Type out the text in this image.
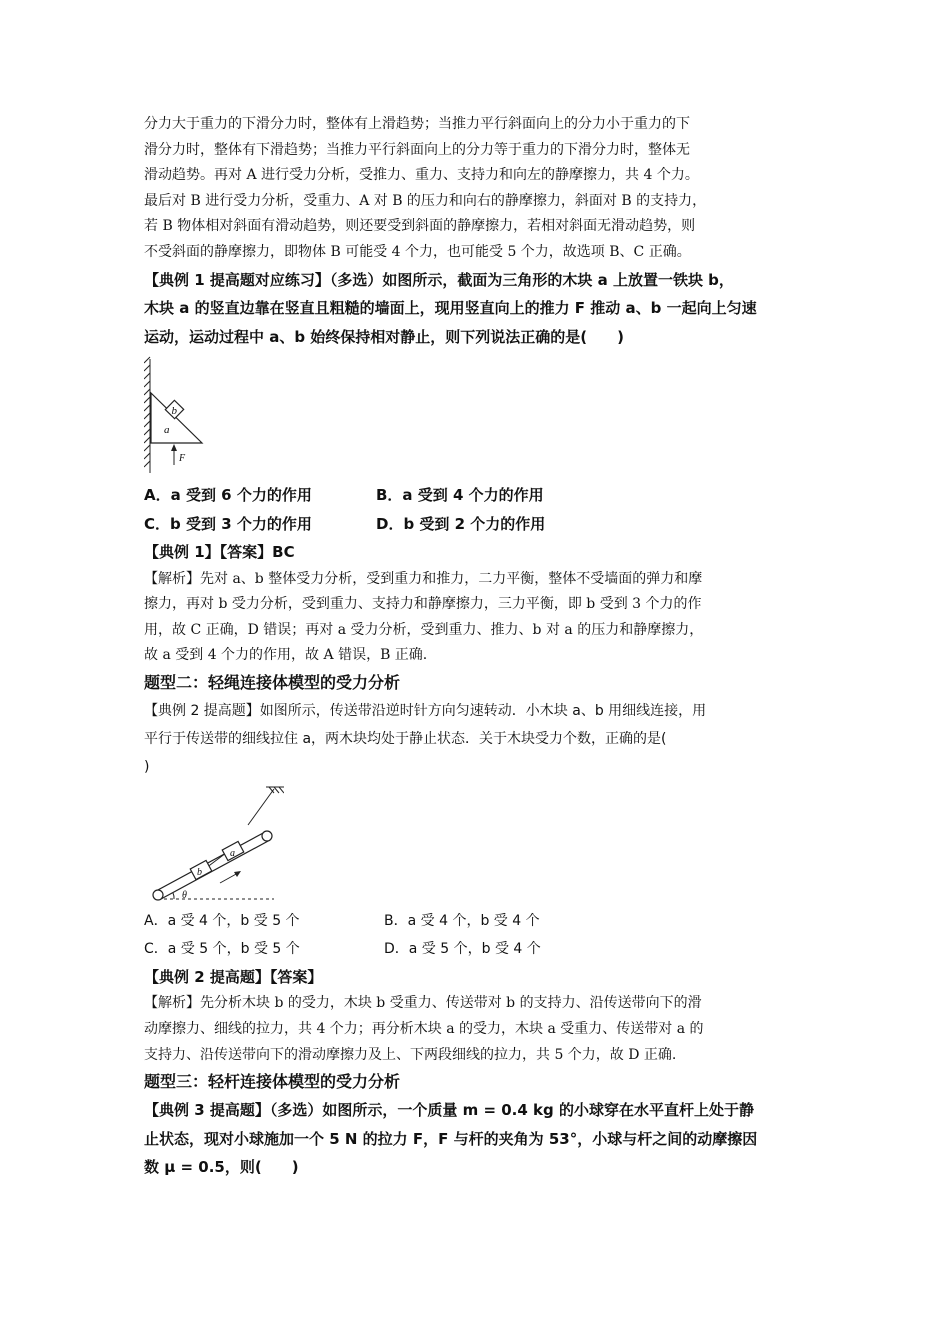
分力大于重力的下滑分力时，整体有上滑趋势；当推力平行斜面向上的分力小于重力的下

滑分力时，整体有下滑趋势；当推力平行斜面向上的分力等于重力的下滑分力时，整体无

滑动趋势。再对 A 进行受力分析，受推力、重力、支持力和向左的静摩擦力，共 4 个力。

最后对 B 进行受力分析，受重力、A 对 B 的压力和向右的静摩擦力，斜面对 B 的支持力，

若 B 物体相对斜面有滑动趋势，则还要受到斜面的静摩擦力，若相对斜面无滑动趋势，则

不受斜面的静摩擦力，即物体 B 可能受 4 个力，也可能受 5 个力，故选项 B、C 正确。

【典例 1 提高题对应练习】（多选）如图所示，截面为三角形的木块 a 上放置一铁块 b，

木块 a 的竖直边靠在竖直且粗糙的墙面上，现用竖直向上的推力 F 推动 a、b 一起向上匀速

运动，运动过程中 a、b 始终保持相对静止，则下列说法正确的是(　　)

b
a
F

A．a 受到 6 个力的作用	B．a 受到 4 个力的作用

C．b 受到 3 个力的作用	D．b 受到 2 个力的作用

【典例 1】【答案】BC

【解析】先对 a、b 整体受力分析，受到重力和推力，二力平衡，整体不受墙面的弹力和摩

擦力，再对 b 受力分析，受到重力、支持力和静摩擦力，三力平衡，即 b 受到 3 个力的作

用，故 C 正确，D 错误；再对 a 受力分析，受到重力、推力、b 对 a 的压力和静摩擦力，

故 a 受到 4 个力的作用，故 A 错误，B 正确.

题型二：轻绳连接体模型的受力分析

【典例 2 提高题】如图所示，传送带沿逆时针方向匀速转动．小木块 a、b 用细线连接，用

平行于传送带的细线拉住 a，两木块均处于静止状态．关于木块受力个数，正确的是(

)

b
a
θ

A．a 受 4 个，b 受 5 个	B．a 受 4 个，b 受 4 个

C．a 受 5 个，b 受 5 个	D．a 受 5 个，b 受 4 个

【典例 2 提高题】【答案】

【解析】先分析木块 b 的受力，木块 b 受重力、传送带对 b 的支持力、沿传送带向下的滑

动摩擦力、细线的拉力，共 4 个力；再分析木块 a 的受力，木块 a 受重力、传送带对 a 的

支持力、沿传送带向下的滑动摩擦力及上、下两段细线的拉力，共 5 个力，故 D 正确.

题型三：轻杆连接体模型的受力分析

【典例 3 提高题】（多选）如图所示，一个质量 m = 0.4 kg 的小球穿在水平直杆上处于静

止状态，现对小球施加一个 5 N 的拉力 F，F 与杆的夹角为 53°，小球与杆之间的动摩擦因

数 μ = 0.5，则(　　)
